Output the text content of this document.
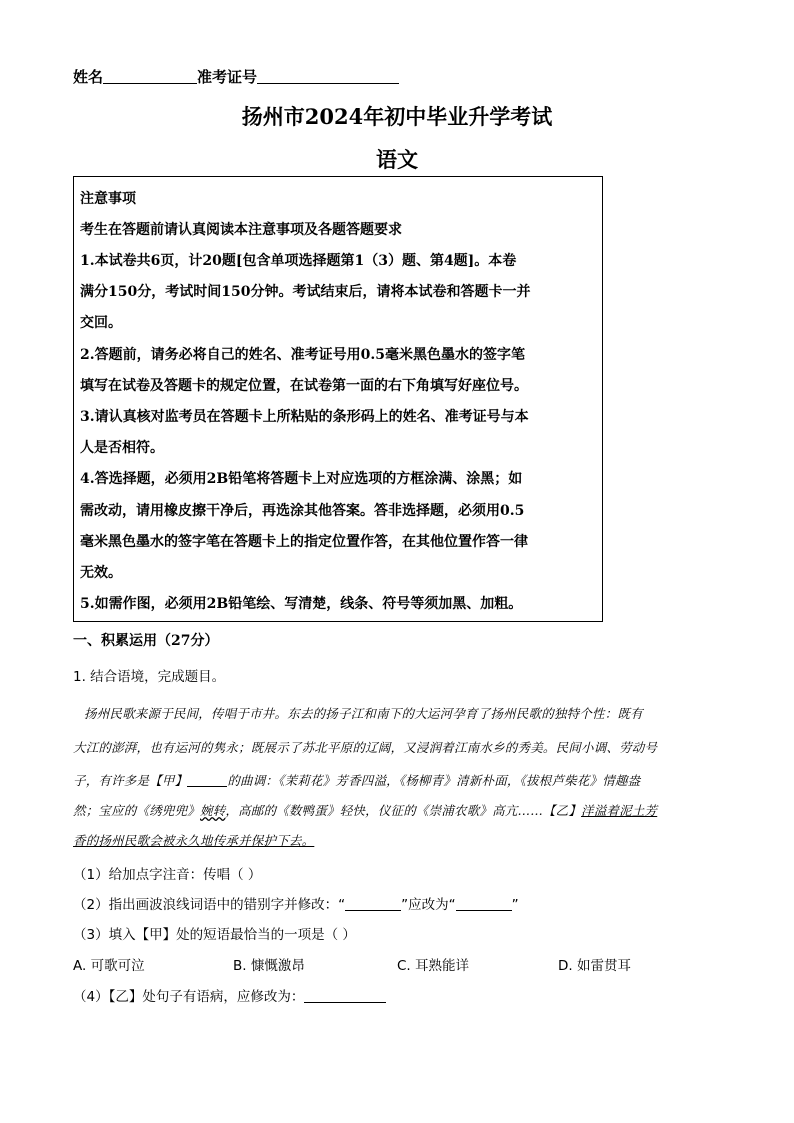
姓名	准考证号
扬州市2024年初中毕业升学考试
语文
注意事项
考生在答题前请认真阅读本注意事项及各题答题要求
1.本试卷共6页，计20题[包含单项选择题第1（3）题、第4题]。本卷
满分150分，考试时间150分钟。考试结束后，请将本试卷和答题卡一并
交回。
2.答题前，请务必将自己的姓名、准考证号用0.5毫米黑色墨水的签字笔
填写在试卷及答题卡的规定位置，在试卷第一面的右下角填写好座位号。
3.请认真核对监考员在答题卡上所粘贴的条形码上的姓名、准考证号与本
人是否相符。
4.答选择题，必须用2B铅笔将答题卡上对应选项的方框涂满、涂黑；如
需改动，请用橡皮擦干净后，再选涂其他答案。答非选择题，必须用0.5
毫米黑色墨水的签字笔在答题卡上的指定位置作答，在其他位置作答一律
无效。
5.如需作图，必须用2B铅笔绘、写清楚，线条、符号等须加黑、加粗。
一、积累运用（27分）
1. 结合语境，完成题目。
扬州民歌来源于民间，传唱于市井。东去的扬子江和南下的大运河孕育了扬州民歌的独特个性：既有
大江的澎湃，也有运河的隽永；既展示了苏北平原的辽阔，又浸润着江南水乡的秀美。民间小调、劳动号
子，有许多是【甲】	的曲调：《茉莉花》芳香四溢，《杨柳青》清新朴面，《拔根芦柴花》情趣盎
然；宝应的《绣兜兜》婉转，高邮的《数鸭蛋》轻快，仪征的《崇浦农歌》高亢……【乙】洋溢着泥土芳
香的扬州民歌会被永久地传承并保护下去。
（1）给加点字注音：传唱（ ）
（2）指出画波浪线词语中的错别字并修改：“	”应改为“	”
（3）填入【甲】处的短语最恰当的一项是（ ）
A. 可歌可泣	B. 慷慨激昂	C. 耳熟能详	D. 如雷贯耳
（4）【乙】处句子有语病，应修改为：
